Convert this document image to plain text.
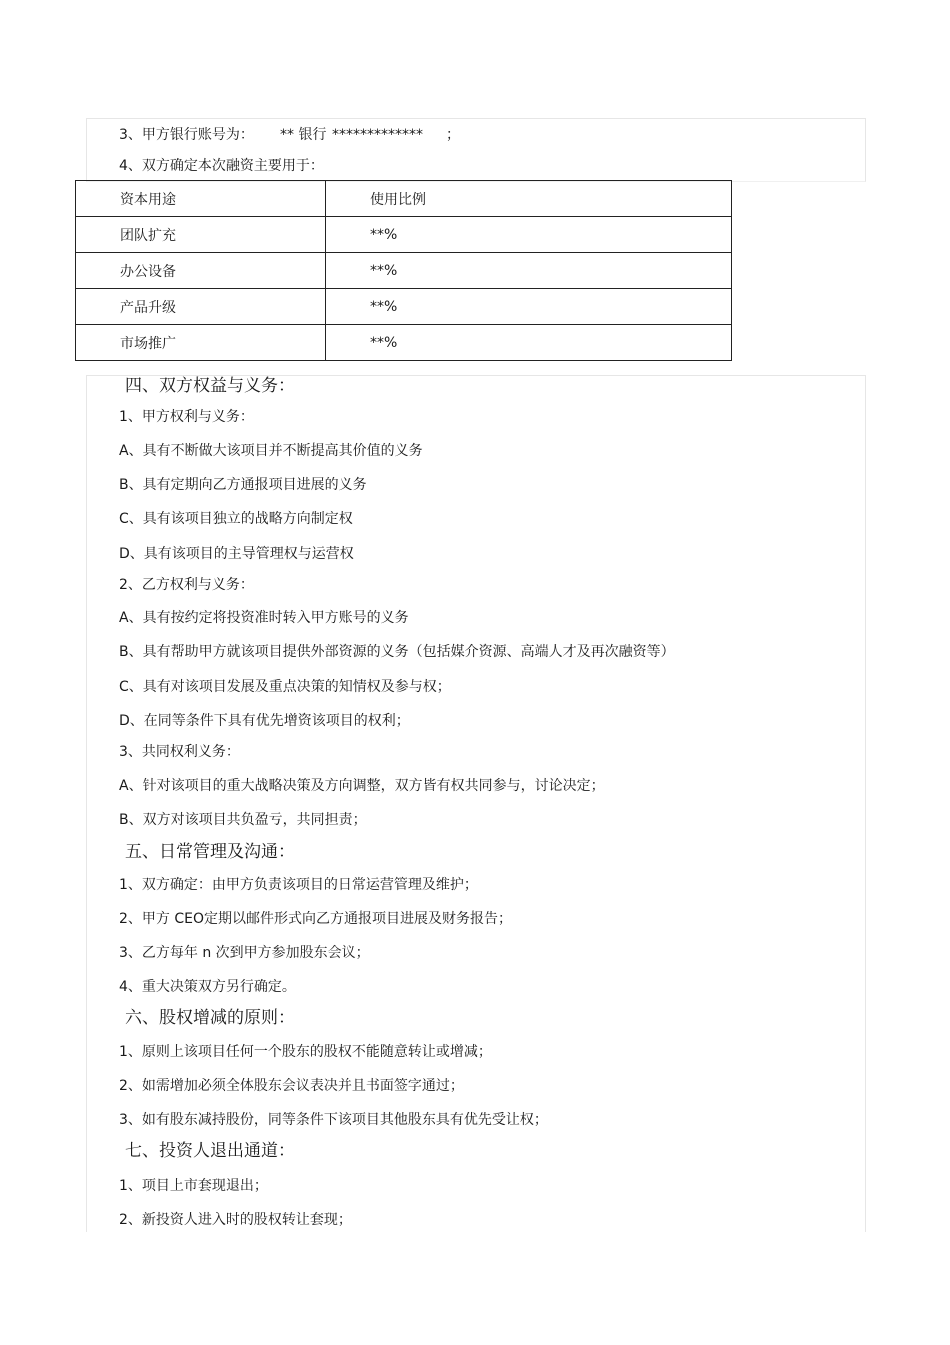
3、甲方银行账号为： ** 银行 ************* ；
4、双方确定本次融资主要用于：
资本用途	使用比例
团队扩充	**%
办公设备	**%
产品升级	**%
市场推广	**%
四、双方权益与义务：
1、甲方权利与义务：
A、具有不断做大该项目并不断提高其价值的义务
B、具有定期向乙方通报项目进展的义务
C、具有该项目独立的战略方向制定权
D、具有该项目的主导管理权与运营权
2、乙方权利与义务：
A、具有按约定将投资准时转入甲方账号的义务
B、具有帮助甲方就该项目提供外部资源的义务（包括媒介资源、高端人才及再次融资等）
C、具有对该项目发展及重点决策的知情权及参与权；
D、在同等条件下具有优先增资该项目的权利；
3、共同权利义务：
A、针对该项目的重大战略决策及方向调整，双方皆有权共同参与，讨论决定；
B、双方对该项目共负盈亏，共同担责；
五、日常管理及沟通：
1、双方确定：由甲方负责该项目的日常运营管理及维护；
2、甲方 CEO定期以邮件形式向乙方通报项目进展及财务报告；
3、乙方每年 n 次到甲方参加股东会议；
4、重大决策双方另行确定。
六、股权增减的原则：
1、原则上该项目任何一个股东的股权不能随意转让或增减；
2、如需增加必须全体股东会议表决并且书面签字通过；
3、如有股东减持股份，同等条件下该项目其他股东具有优先受让权；
七、投资人退出通道：
1、项目上市套现退出；
2、新投资人进入时的股权转让套现；
